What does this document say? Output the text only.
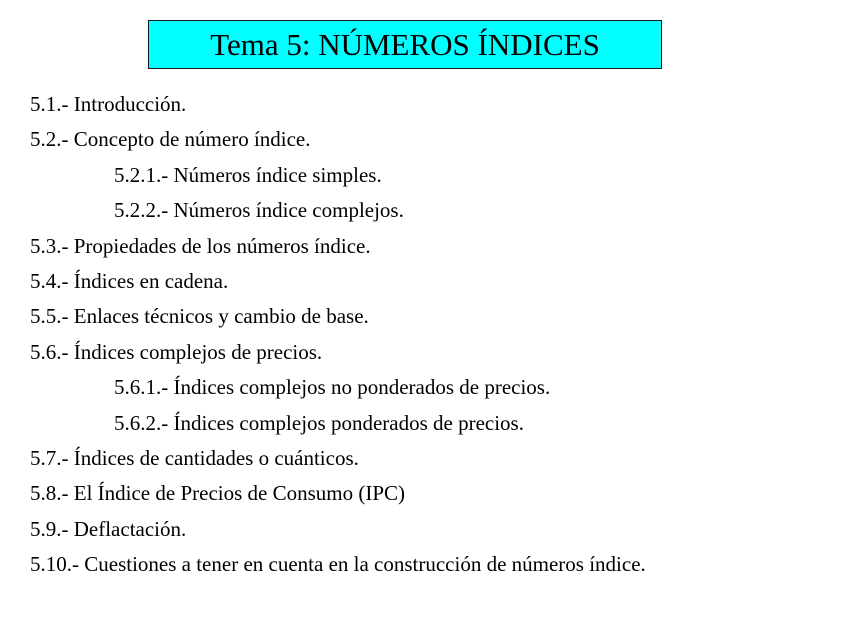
Tema 5: NÚMEROS ÍNDICES
5.1.- Introducción.
5.2.- Concepto de número índice.
5.2.1.- Números índice simples.
5.2.2.- Números índice complejos.
5.3.- Propiedades de los números índice.
5.4.- Índices en cadena.
5.5.- Enlaces técnicos y cambio de base.
5.6.- Índices complejos de precios.
5.6.1.- Índices complejos no ponderados de precios.
5.6.2.- Índices complejos ponderados de precios.
5.7.- Índices de cantidades o cuánticos.
5.8.- El Índice de Precios de Consumo (IPC)
5.9.- Deflactación.
5.10.- Cuestiones a tener en cuenta en la construcción de números índice.
